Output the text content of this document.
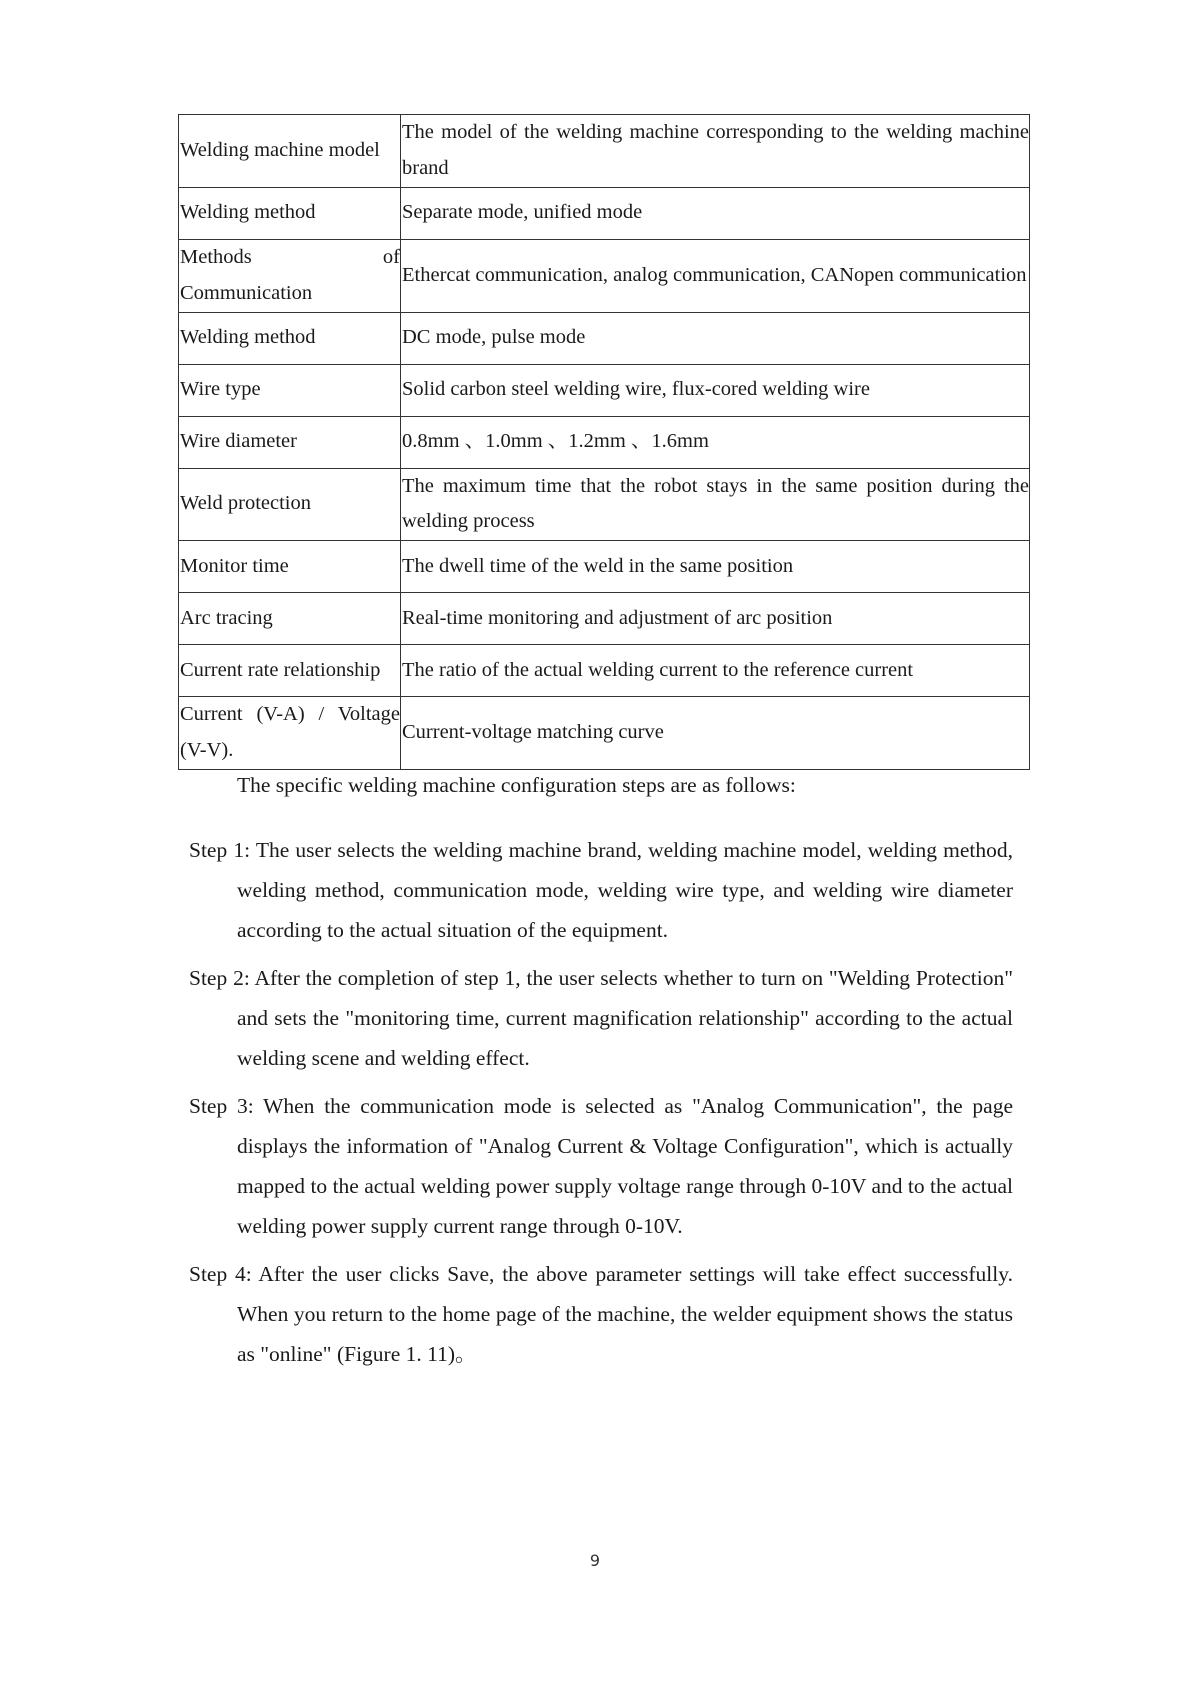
Welding machine model	The model of the welding machine corresponding to the welding machine brand
Welding method	Separate mode, unified mode
Methods of Communication	Ethercat communication, analog communication, CANopen communication
Welding method	DC mode, pulse mode
Wire type	Solid carbon steel welding wire, flux-cored welding wire
Wire diameter	0.8mm 、1.0mm 、1.2mm 、1.6mm
Weld protection	The maximum time that the robot stays in the same position during the welding process
Monitor time	The dwell time of the weld in the same position
Arc tracing	Real-time monitoring and adjustment of arc position
Current rate relationship	The ratio of the actual welding current to the reference current
Current (V-A) / Voltage (V-V).	Current-voltage matching curve

The specific welding machine configuration steps are as follows:

Step 1: The user selects the welding machine brand, welding machine model, welding method, welding method, communication mode, welding wire type, and welding wire diameter according to the actual situation of the equipment.
Step 2: After the completion of step 1, the user selects whether to turn on "Welding Protection" and sets the "monitoring time, current magnification relationship" according to the actual welding scene and welding effect.
Step 3: When the communication mode is selected as "Analog Communication", the page displays the information of "Analog Current & Voltage Configuration", which is actually mapped to the actual welding power supply voltage range through 0-10V and to the actual welding power supply current range through 0-10V.
Step 4: After the user clicks Save, the above parameter settings will take effect successfully. When you return to the home page of the machine, the welder equipment shows the status as "online" (Figure 1. 11)。
9
